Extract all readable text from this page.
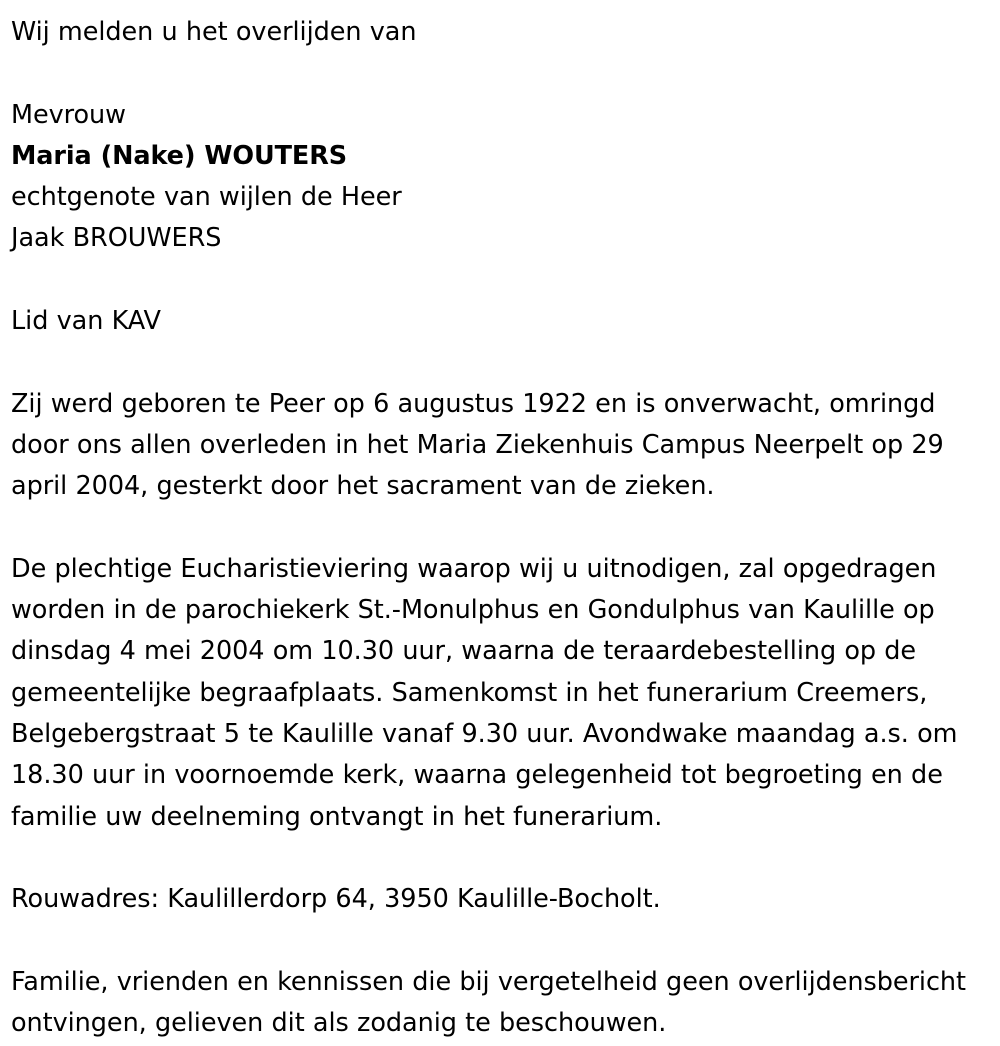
Wij melden u het overlijden van
Mevrouw
Maria (Nake) WOUTERS
echtgenote van wijlen de Heer
Jaak BROUWERS
Lid van KAV
Zij werd geboren te Peer op 6 augustus 1922 en is onverwacht, omringd door ons allen overleden in het Maria Ziekenhuis Campus Neerpelt op 29 april 2004, gesterkt door het sacrament van de zieken.
De plechtige Eucharistieviering waarop wij u uitnodigen, zal opgedragen worden in de parochiekerk St.-Monulphus en Gondulphus van Kaulille op dinsdag 4 mei 2004 om 10.30 uur, waarna de teraardebestelling op de gemeentelijke begraafplaats. Samenkomst in het funerarium Creemers, Belgebergstraat 5 te Kaulille vanaf 9.30 uur. Avondwake maandag a.s. om 18.30 uur in voornoemde kerk, waarna gelegenheid tot begroeting en de familie uw deelneming ontvangt in het funerarium.
Rouwadres: Kaulillerdorp 64, 3950 Kaulille-Bocholt.
Familie, vrienden en kennissen die bij vergetelheid geen overlijdensbericht ontvingen, gelieven dit als zodanig te beschouwen.
